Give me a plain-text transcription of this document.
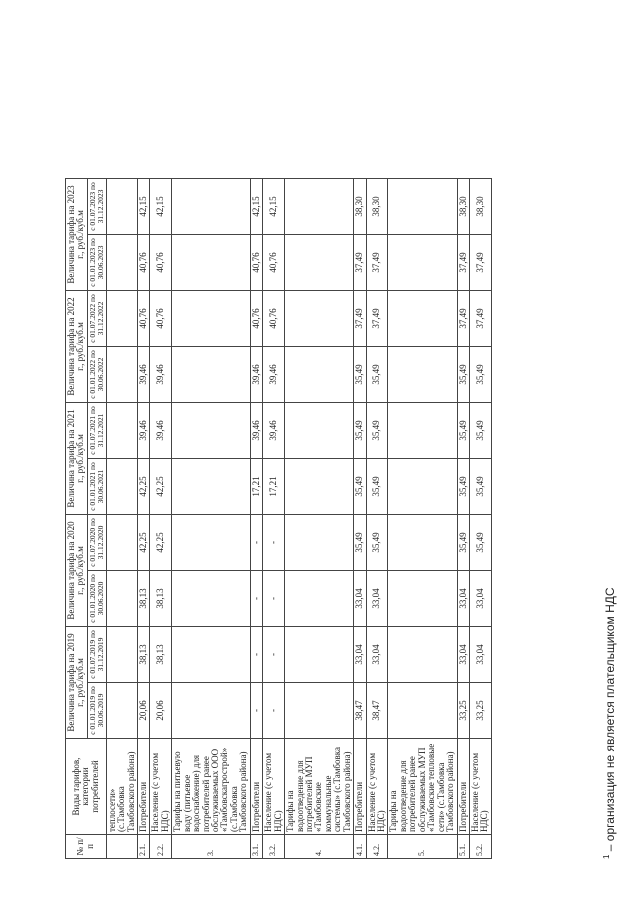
№ п/п	Виды тарифов, категории потребителей	Величина тарифа на 2019 г., руб./куб.м		Величина тарифа на 2020 г., руб./куб.м		Величина тарифа на 2021 г., руб./куб.м		Величина тарифа на 2022 г., руб./куб.м		Величина тарифа на 2023 г., руб./куб.м	
		с 01.01.2019 по 30.06.2019	с 01.07.2019 по 31.12.2019	с 01.01.2020 по 30.06.2020	с 01.07.2020 по 31.12.2020	с 01.01.2021 по 30.06.2021	с 01.07.2021 по 31.12.2021	с 01.01.2022 по 30.06.2022	с 01.07.2022 по 31.12.2022	с 01.01.2023 по 30.06.2023	с 01.07.2023 по 31.12.2023
	теплосети» (с.Тамбовка Тамбовского района)										
2.1.	Потребители	20,06	38,13	38,13	42,25	42,25	39,46	39,46	40,76	40,76	42,15
2.2.	Население (с учетом НДС)	20,06	38,13	38,13	42,25	42,25	39,46	39,46	40,76	40,76	42,15
3.	Тарифы на питьевую воду (питьевое водоснабжение) для потребителей ранее обслуживаемых ООО «Тамбовскагрострой» (с.Тамбовка Тамбовского района)										
3.1.	Потребители	-	-	-	-	17,21	39,46	39,46	40,76	40,76	42,15
3.2.	Население (с учетом НДС)	-	-	-	-	17,21	39,46	39,46	40,76	40,76	42,15
4.	Тарифы на водоотведение для потребителей МУП «Тамбовские коммунальные системы» (с.Тамбовка Тамбовского района)										
4.1.	Потребители	38,47	33,04	33,04	35,49	35,49	35,49	35,49	37,49	37,49	38,30
4.2.	Население (с учетом НДС)	38,47	33,04	33,04	35,49	35,49	35,49	35,49	37,49	37,49	38,30
5.	Тарифы на водоотведение для потребителей ранее обслуживаемых МУП «Тамбовские тепловые сети» (с.Тамбовка Тамбовского района)										
5.1.	Потребители	33,25	33,04	33,04	35,49	35,49	35,49	35,49	37,49	37,49	38,30
5.2.	Население (с учетом НДС)	33,25	33,04	33,04	35,49	35,49	35,49	35,49	37,49	37,49	38,30
$^1$ – организация не является плательщиком НДС
